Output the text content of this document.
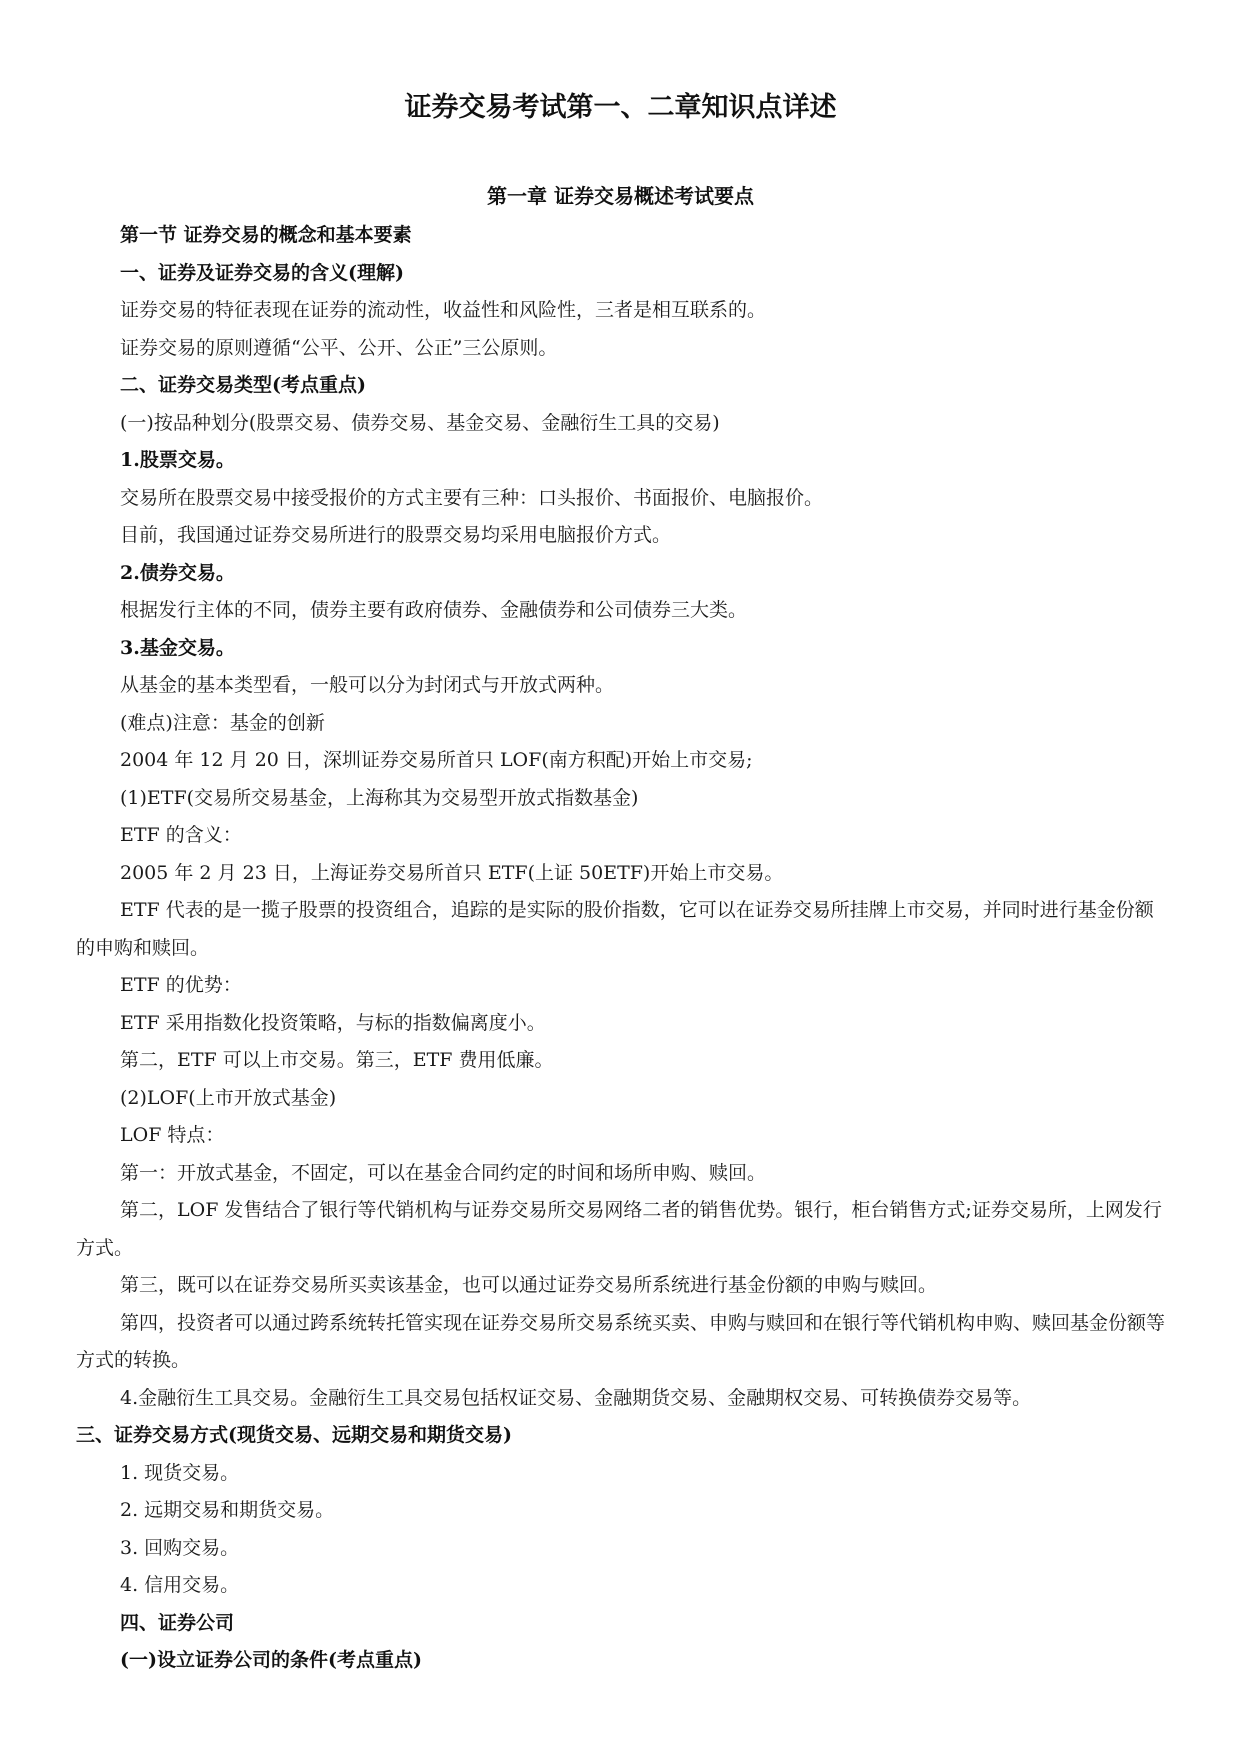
证券交易考试第一、二章知识点详述
第一章 证券交易概述考试要点
第一节 证券交易的概念和基本要素
一、证券及证券交易的含义(理解)
证券交易的特征表现在证券的流动性，收益性和风险性，三者是相互联系的。
证券交易的原则遵循“公平、公开、公正”三公原则。
二、证券交易类型(考点重点)
(一)按品种划分(股票交易、债券交易、基金交易、金融衍生工具的交易)
1.股票交易。
交易所在股票交易中接受报价的方式主要有三种：口头报价、书面报价、电脑报价。
目前，我国通过证券交易所进行的股票交易均采用电脑报价方式。
2.债券交易。
根据发行主体的不同，债券主要有政府债券、金融债券和公司债券三大类。
3.基金交易。
从基金的基本类型看，一般可以分为封闭式与开放式两种。
(难点)注意：基金的创新
2004 年 12 月 20 日，深圳证券交易所首只 LOF(南方积配)开始上市交易;
(1)ETF(交易所交易基金，上海称其为交易型开放式指数基金)
ETF 的含义：
2005 年 2 月 23 日，上海证券交易所首只 ETF(上证 50ETF)开始上市交易。
ETF 代表的是一揽子股票的投资组合，追踪的是实际的股价指数，它可以在证券交易所挂牌上市交易，并同时进行基金份额的申购和赎回。
ETF 的优势：
ETF 采用指数化投资策略，与标的指数偏离度小。
第二，ETF 可以上市交易。第三，ETF 费用低廉。
(2)LOF(上市开放式基金)
LOF 特点：
第一：开放式基金，不固定，可以在基金合同约定的时间和场所申购、赎回。
第二，LOF 发售结合了银行等代销机构与证券交易所交易网络二者的销售优势。银行，柜台销售方式;证券交易所，上网发行方式。
第三，既可以在证券交易所买卖该基金，也可以通过证券交易所系统进行基金份额的申购与赎回。
第四，投资者可以通过跨系统转托管实现在证券交易所交易系统买卖、申购与赎回和在银行等代销机构申购、赎回基金份额等方式的转换。
4.金融衍生工具交易。金融衍生工具交易包括权证交易、金融期货交易、金融期权交易、可转换债券交易等。
三、证券交易方式(现货交易、远期交易和期货交易)
1. 现货交易。
2. 远期交易和期货交易。
3. 回购交易。
4. 信用交易。
四、证券公司
(一)设立证券公司的条件(考点重点)
